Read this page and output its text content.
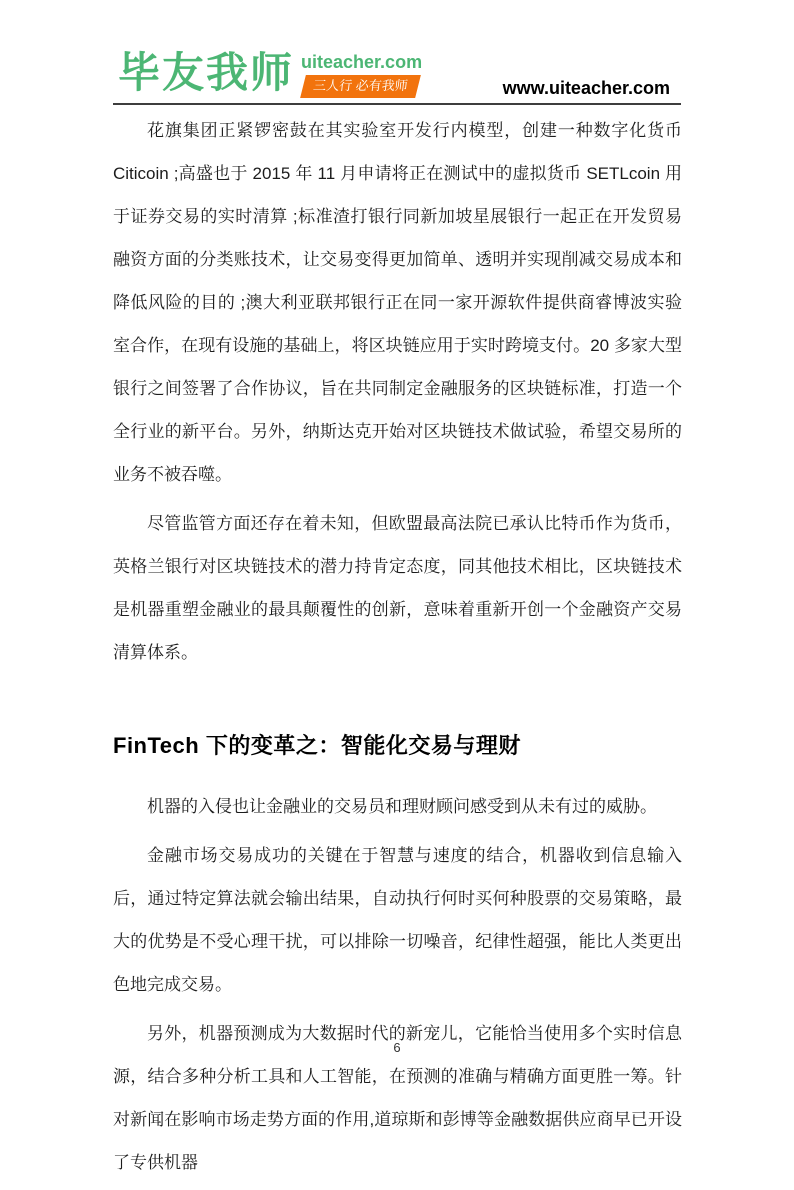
毕友我师 uiteacher.com
三人行 必有我师	www.uiteacher.com

花旗集团正紧锣密鼓在其实验室开发行内模型，创建一种数字化货币 Citicoin ;高盛也于 2015 年 11 月申请将正在测试中的虚拟货币 SETLcoin 用于证券交易的实时清算 ;标准渣打银行同新加坡星展银行一起正在开发贸易融资方面的分类账技术，让交易变得更加简单、透明并实现削减交易成本和降低风险的目的 ;澳大利亚联邦银行正在同一家开源软件提供商睿博波实验室合作，在现有设施的基础上，将区块链应用于实时跨境支付。20 多家大型银行之间签署了合作协议，旨在共同制定金融服务的区块链标准，打造一个全行业的新平台。另外，纳斯达克开始对区块链技术做试验，希望交易所的业务不被吞噬。

尽管监管方面还存在着未知，但欧盟最高法院已承认比特币作为货币，英格兰银行对区块链技术的潜力持肯定态度，同其他技术相比，区块链技术是机器重塑金融业的最具颠覆性的创新，意味着重新开创一个金融资产交易清算体系。

FinTech 下的变革之：智能化交易与理财

机器的入侵也让金融业的交易员和理财顾问感受到从未有过的威胁。

金融市场交易成功的关键在于智慧与速度的结合，机器收到信息输入后，通过特定算法就会输出结果，自动执行何时买何种股票的交易策略，最大的优势是不受心理干扰，可以排除一切噪音，纪律性超强，能比人类更出色地完成交易。

另外，机器预测成为大数据时代的新宠儿，它能恰当使用多个实时信息源，结合多种分析工具和人工智能，在预测的准确与精确方面更胜一筹。针对新闻在影响市场走势方面的作用,道琼斯和彭博等金融数据供应商早已开设了专供机器

6
